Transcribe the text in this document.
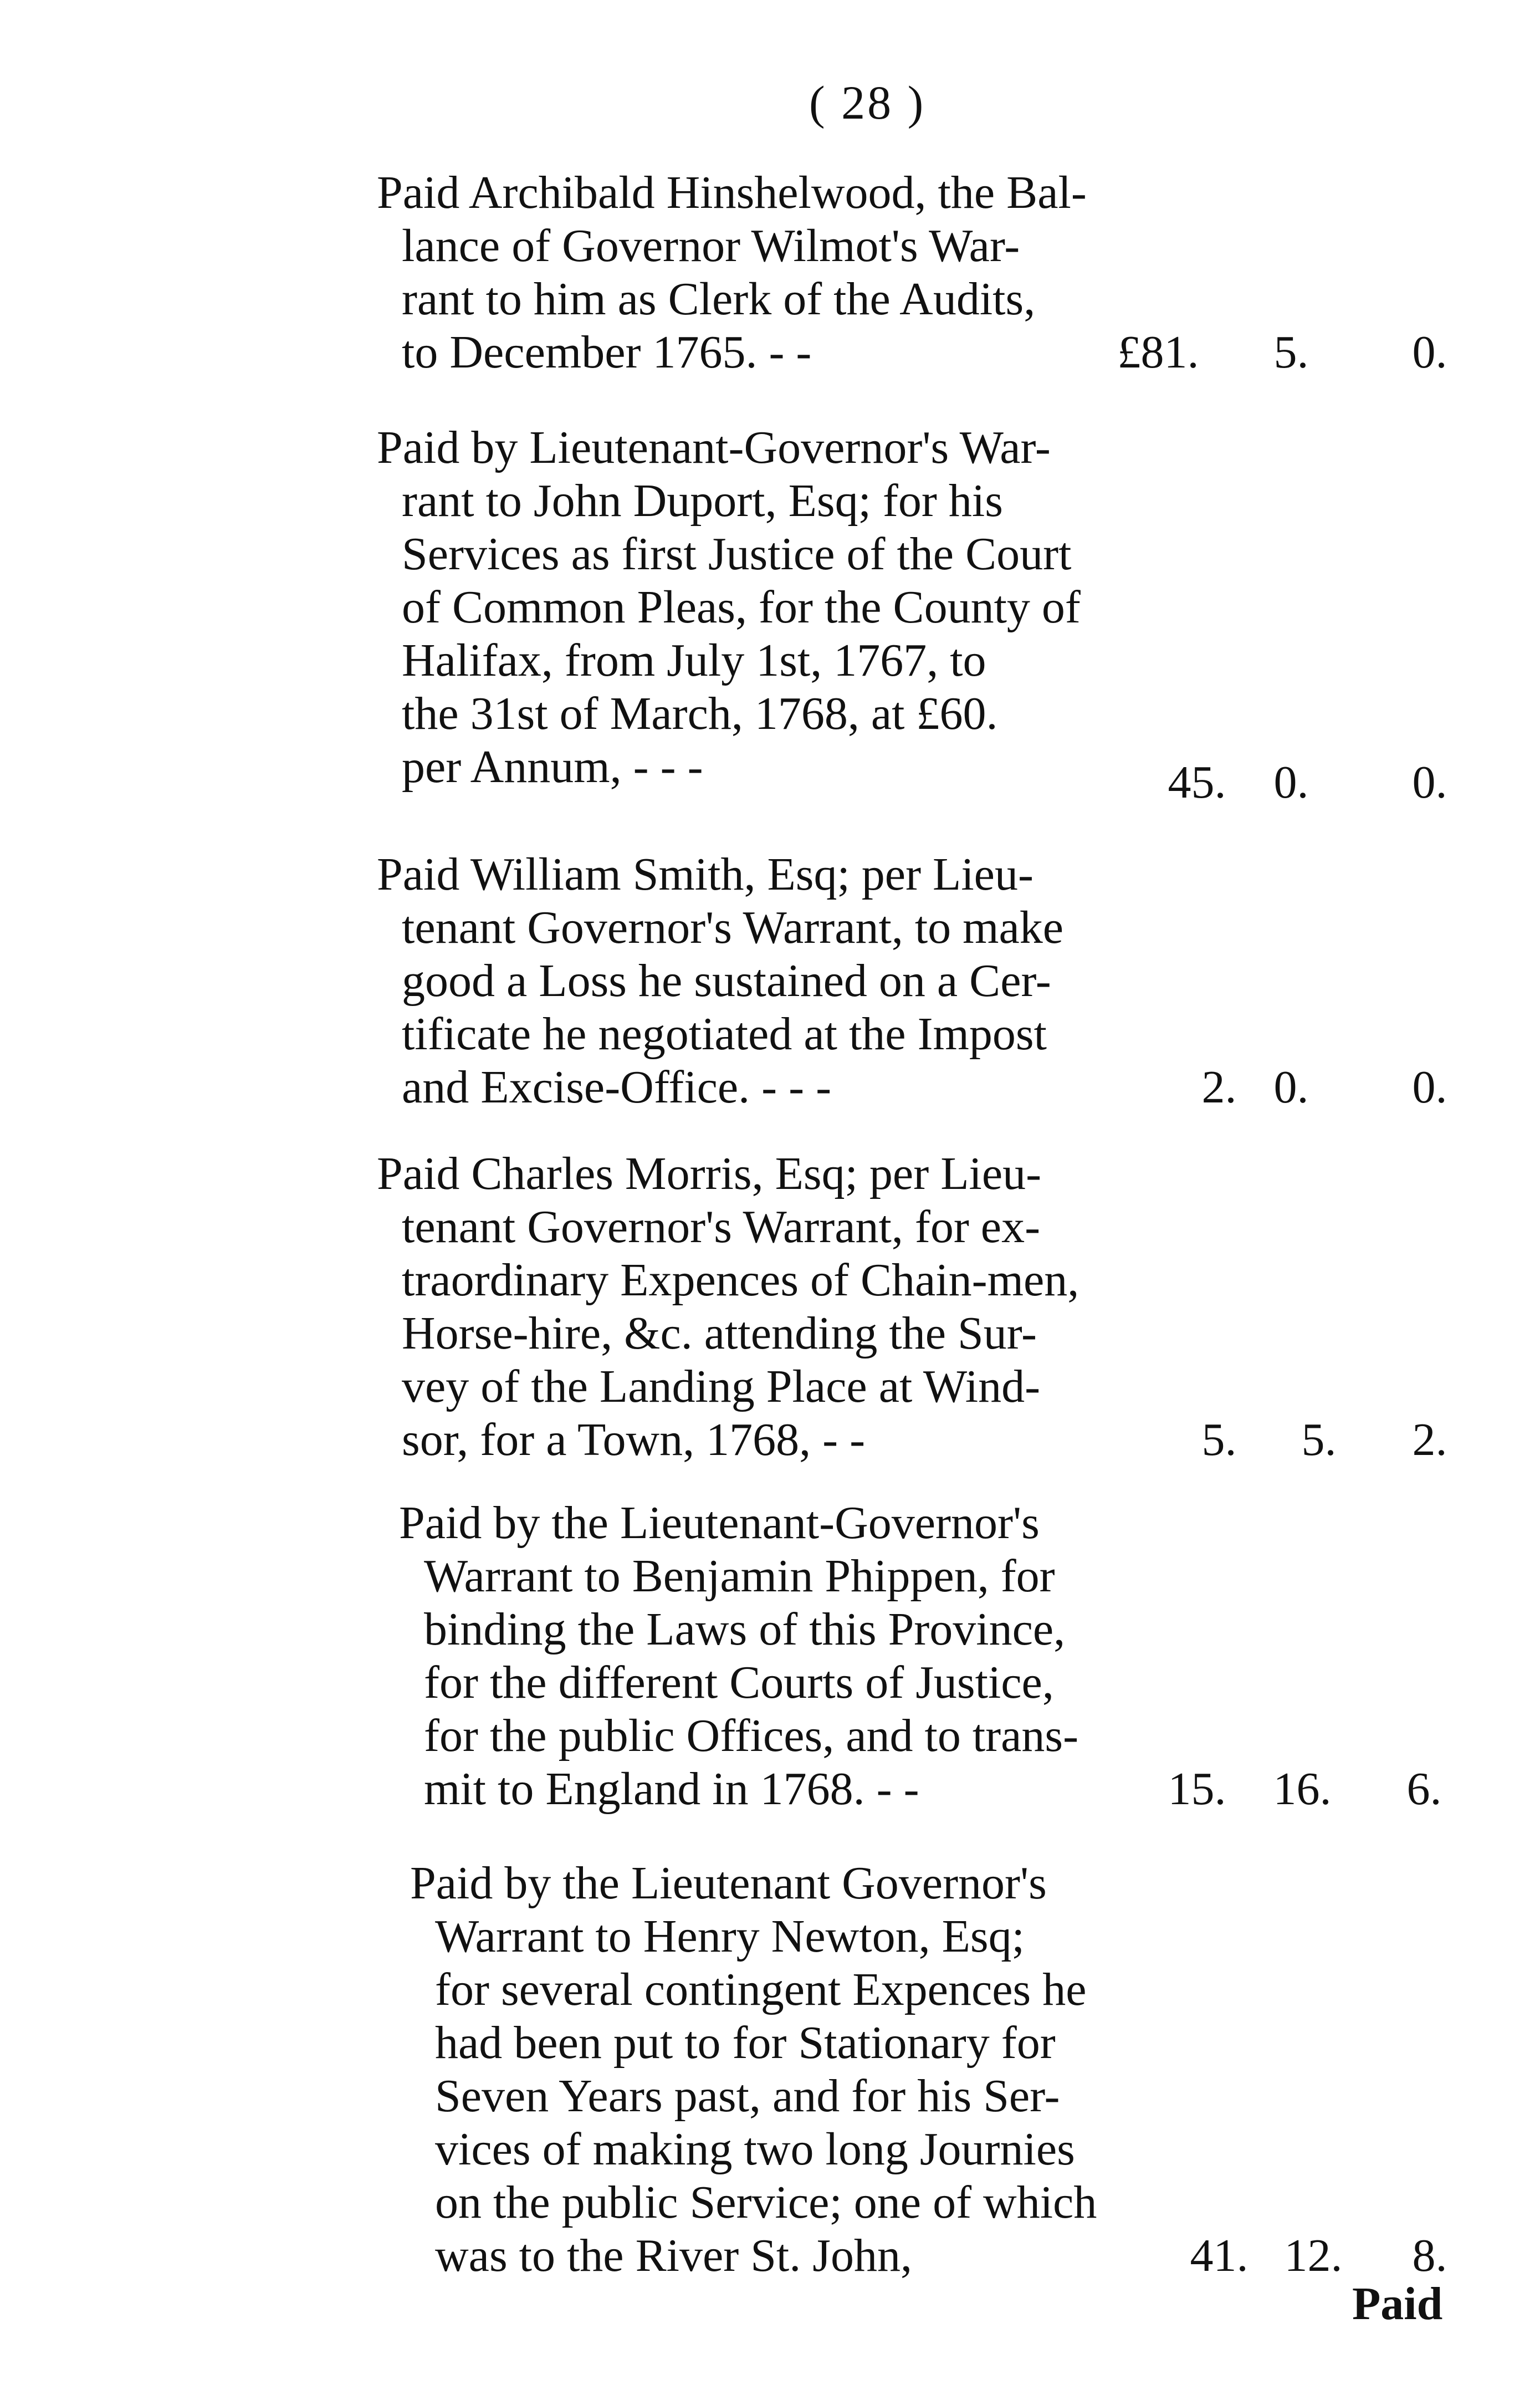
( 28 )
Paid Archibald Hinshelwood, the Bal-
lance of Governor Wilmot's War-
rant to him as Clerk of the Audits,
to December 1765. - -	£81.	5.	0.
Paid by Lieutenant-Governor's War-
rant to John Duport, Esq; for his
Services as first Justice of the Court
of Common Pleas, for the County of
Halifax, from July 1st, 1767, to
the 31st of March, 1768, at £60.
per Annum, - - -	45.	0.	0.
Paid William Smith, Esq; per Lieu-
tenant Governor's Warrant, to make
good a Loss he sustained on a Cer-
tificate he negotiated at the Impost
and Excise-Office. - - -	2. 0.	0.
Paid Charles Morris, Esq; per Lieu-
tenant Governor's Warrant, for ex-
traordinary Expences of Chain-men,
Horse-hire, &c. attending the Sur-
vey of the Landing Place at Wind-
sor, for a Town, 1768, - -	5.	5.	2.
Paid by the Lieutenant-Governor's
Warrant to Benjamin Phippen, for
binding the Laws of this Province,
for the different Courts of Justice,
for the public Offices, and to trans-
mit to England in 1768. - -	15.	16.	6.
Paid by the Lieutenant Governor's
Warrant to Henry Newton, Esq;
for several contingent Expences he
had been put to for Stationary for
Seven Years past, and for his Ser-
vices of making two long Journies
on the public Service; one of which
was to the River St. John,	41. 12.	8.
Paid
